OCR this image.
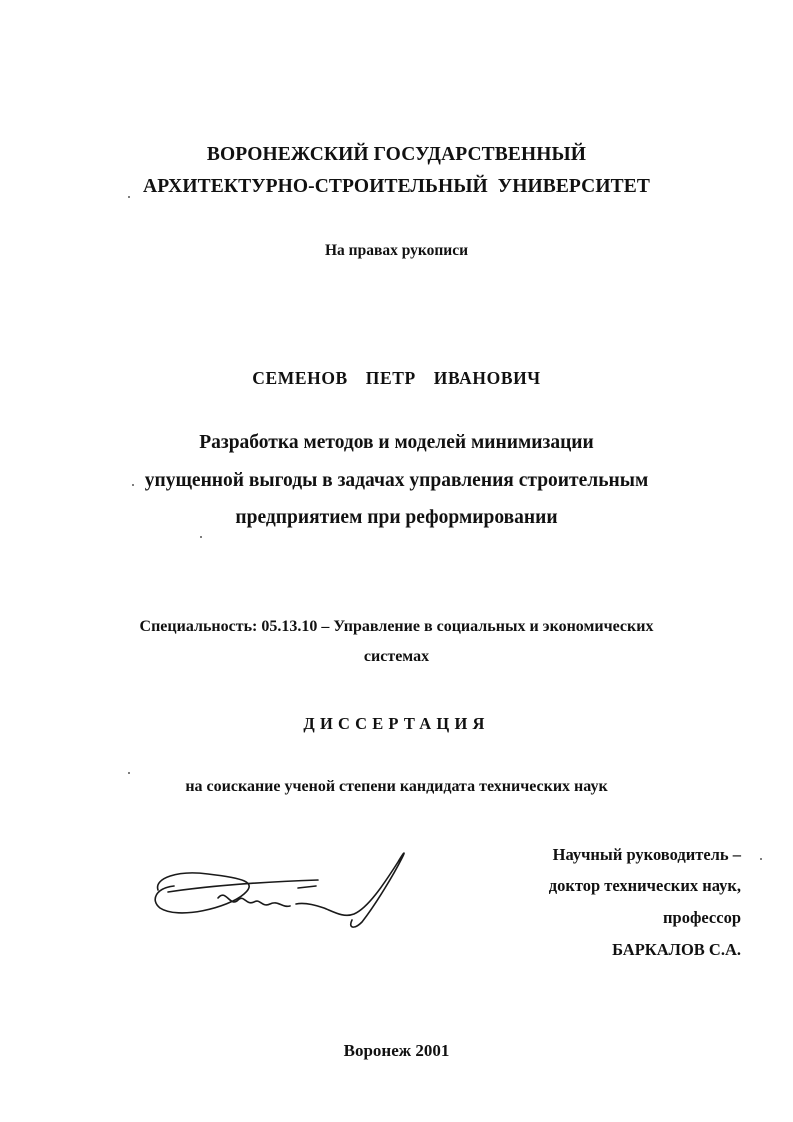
ВОРОНЕЖСКИЙ ГОСУДАРСТВЕННЫЙ
АРХИТЕКТУРНО-СТРОИТЕЛЬНЫЙ  УНИВЕРСИТЕТ
На правах рукописи
СЕМЕНОВ  ПЕТР  ИВАНОВИЧ
Разработка методов и моделей минимизации
упущенной выгоды в задачах управления строительным
предприятием при реформировании
Специальность: 05.13.10 – Управление в социальных и экономических
системах
ДИССЕРТАЦИЯ
на соискание ученой степени кандидата технических наук
Научный руководитель –
доктор технических наук,
профессор
БАРКАЛОВ С.А.
Воронеж 2001
